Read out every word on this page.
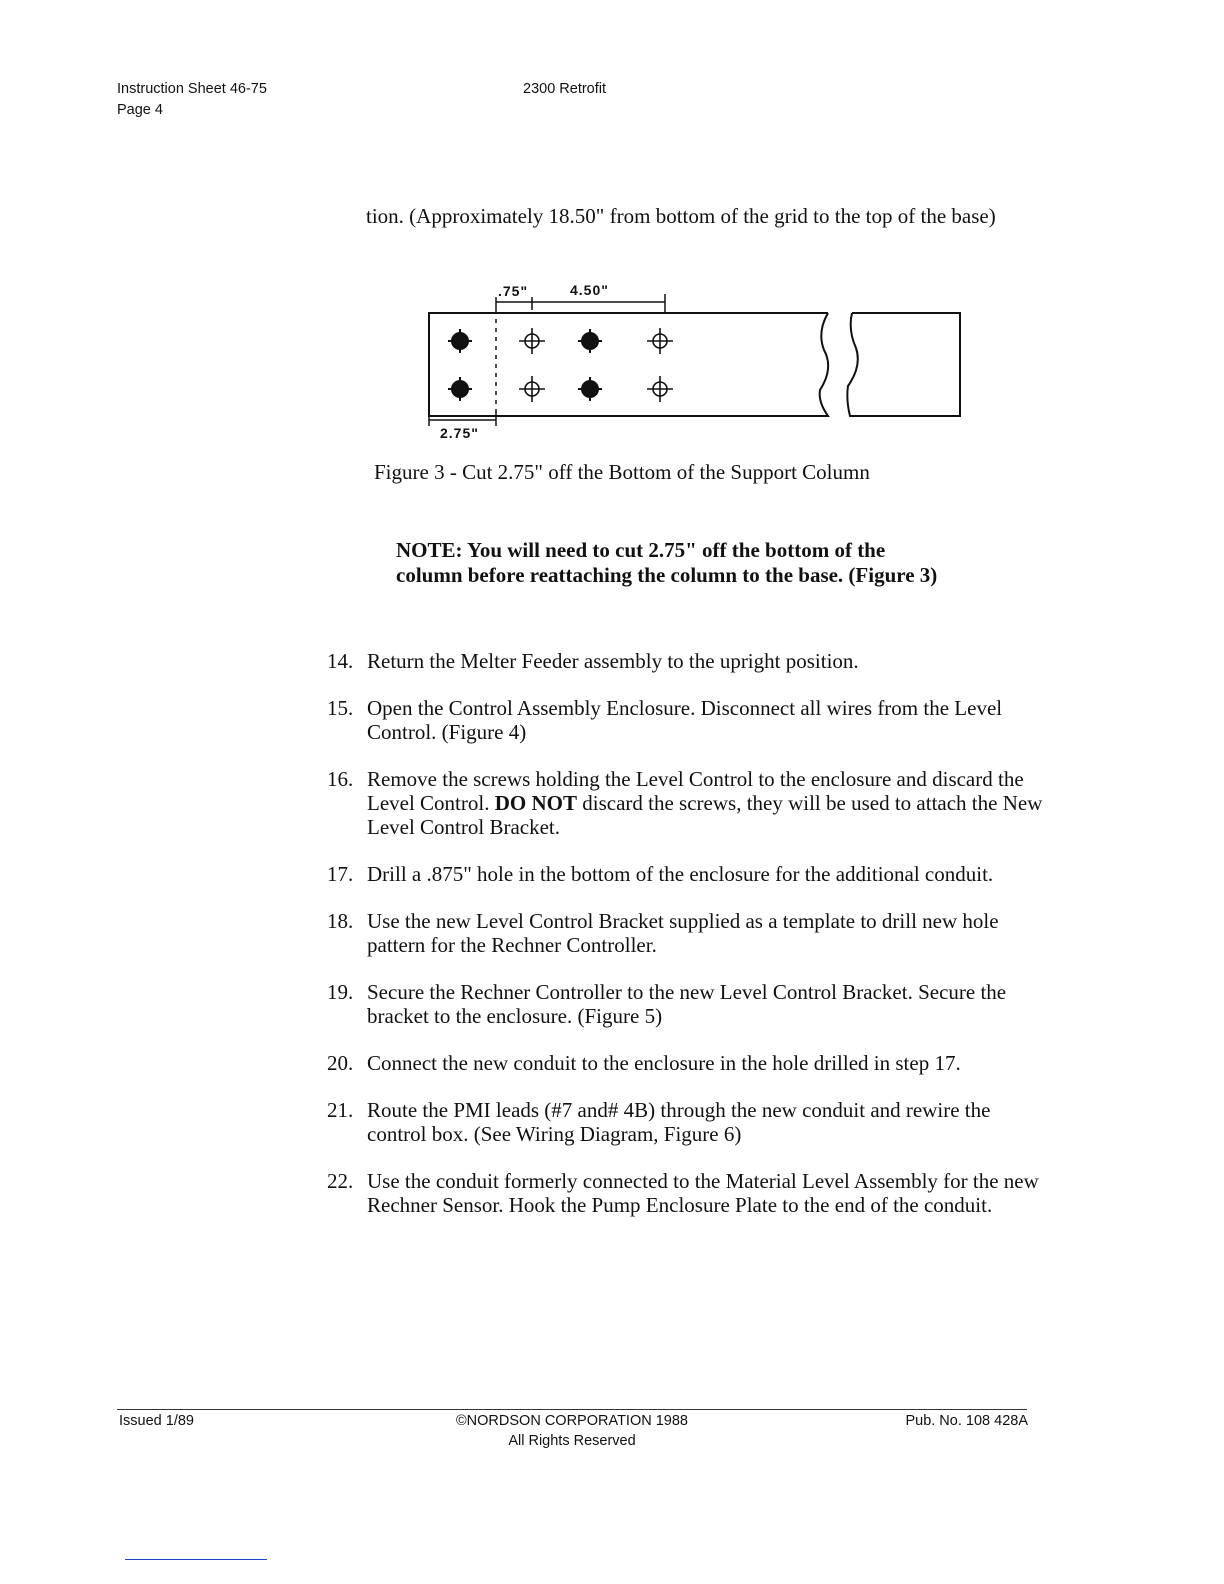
Instruction Sheet 46-75
Page 4
2300 Retrofit
tion. (Approximately 18.50" from bottom of the grid to the top of the base)
.75"	4.50"
2.75"
Figure 3 - Cut 2.75" off the Bottom of the Support Column
NOTE: You will need to cut 2.75" off the bottom of the column before reattaching the column to the base. (Figure 3)
14. Return the Melter Feeder assembly to the upright position.
15. Open the Control Assembly Enclosure. Disconnect all wires from the Level Control. (Figure 4)
16. Remove the screws holding the Level Control to the enclosure and discard the Level Control. DO NOT discard the screws, they will be used to attach the New Level Control Bracket.
17. Drill a .875" hole in the bottom of the enclosure for the additional conduit.
18. Use the new Level Control Bracket supplied as a template to drill new hole pattern for the Rechner Controller.
19. Secure the Rechner Controller to the new Level Control Bracket. Secure the bracket to the enclosure. (Figure 5)
20. Connect the new conduit to the enclosure in the hole drilled in step 17.
21. Route the PMI leads (#7 and# 4B) through the new conduit and rewire the control box. (See Wiring Diagram, Figure 6)
22. Use the conduit formerly connected to the Material Level Assembly for the new Rechner Sensor. Hook the Pump Enclosure Plate to the end of the conduit.
Issued 1/89	©NORDSON CORPORATION 1988
All Rights Reserved
Pub. No. 108 428A
